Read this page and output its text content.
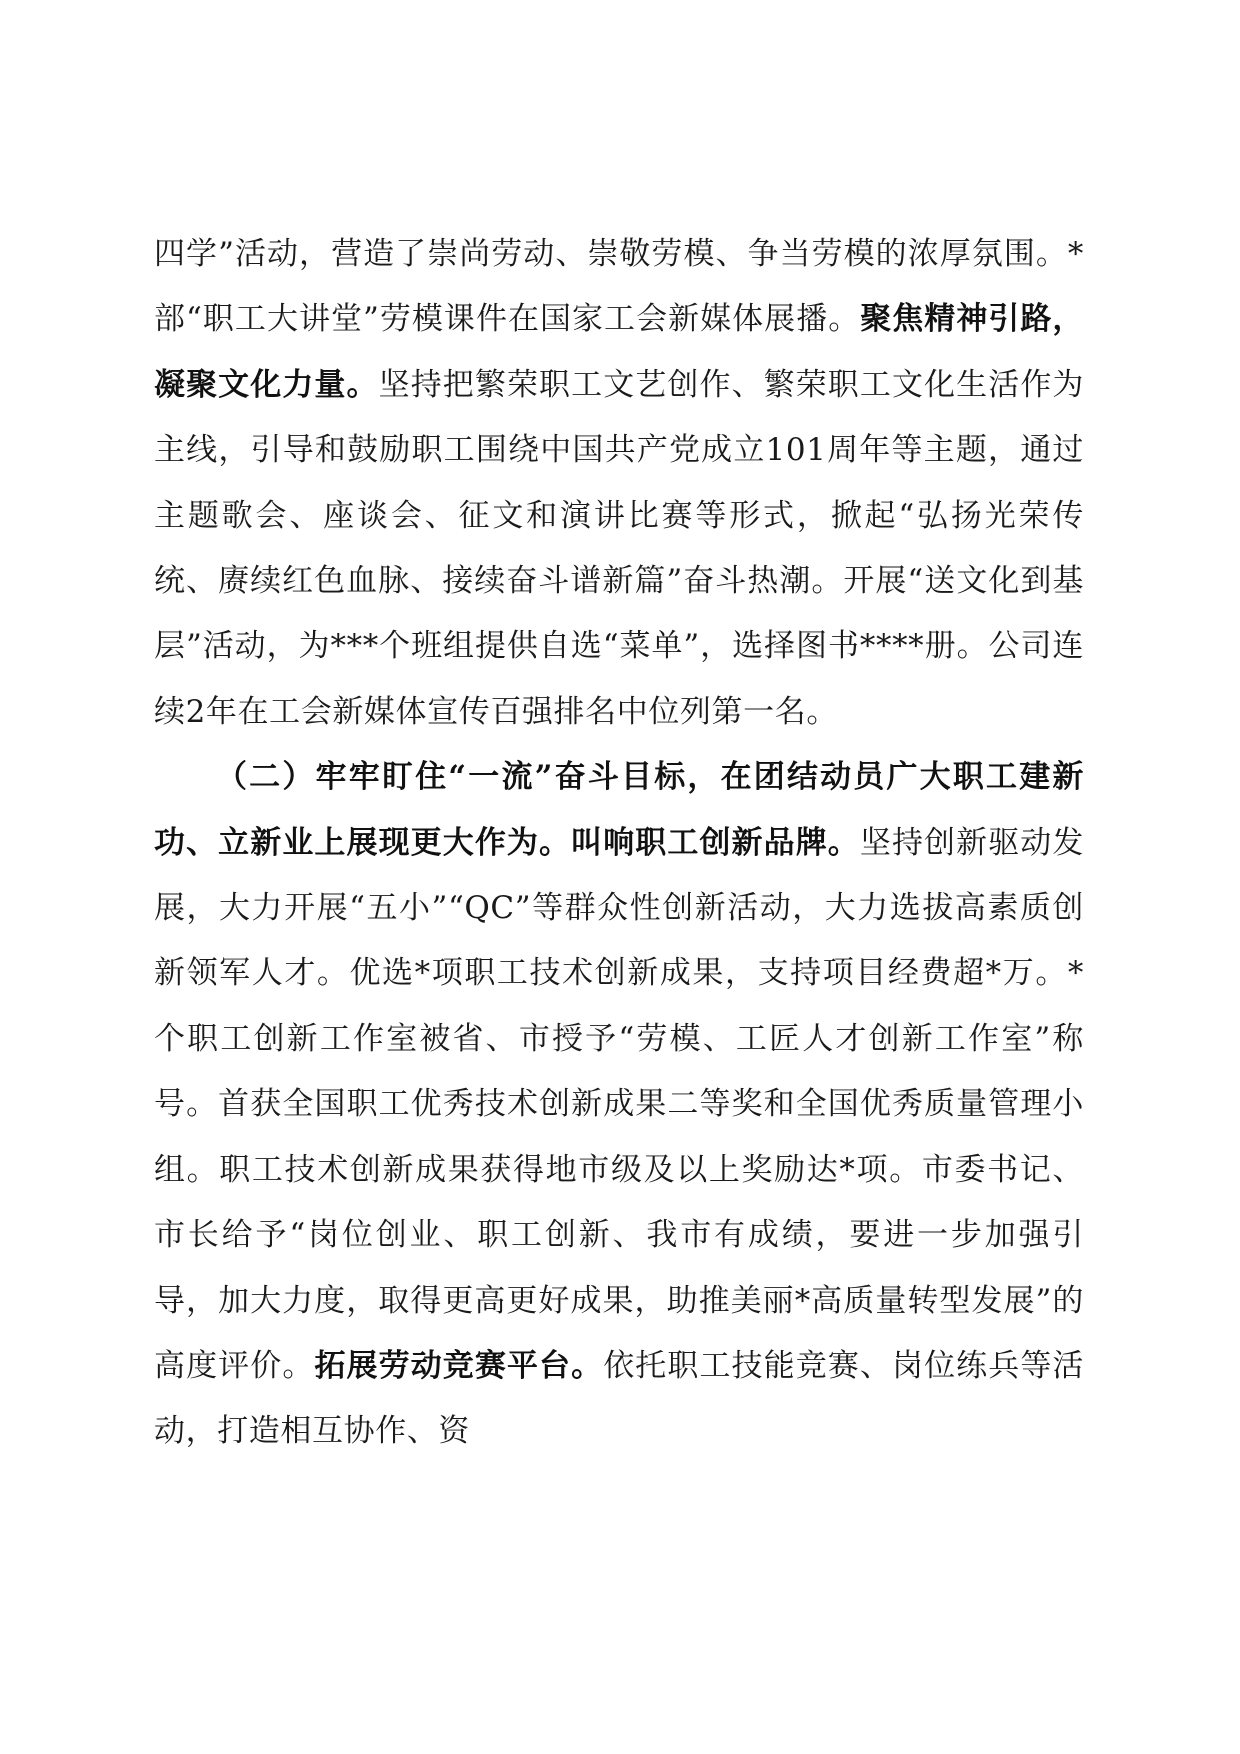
四学”活动，营造了崇尚劳动、崇敬劳模、争当劳模的浓厚氛围。*部“职工大讲堂”劳模课件在国家工会新媒体展播。聚焦精神引路，凝聚文化力量。坚持把繁荣职工文艺创作、繁荣职工文化生活作为主线，引导和鼓励职工围绕中国共产党成立101周年等主题，通过主题歌会、座谈会、征文和演讲比赛等形式，掀起“弘扬光荣传统、赓续红色血脉、接续奋斗谱新篇”奋斗热潮。开展“送文化到基层”活动，为***个班组提供自选“菜单”，选择图书****册。公司连续2年在工会新媒体宣传百强排名中位列第一名。

（二）牢牢盯住“一流”奋斗目标，在团结动员广大职工建新功、立新业上展现更大作为。叫响职工创新品牌。坚持创新驱动发展，大力开展“五小”“QC”等群众性创新活动，大力选拔高素质创新领军人才。优选*项职工技术创新成果，支持项目经费超*万。*个职工创新工作室被省、市授予“劳模、工匠人才创新工作室”称号。首获全国职工优秀技术创新成果二等奖和全国优秀质量管理小组。职工技术创新成果获得地市级及以上奖励达*项。市委书记、市长给予“岗位创业、职工创新、我市有成绩，要进一步加强引导，加大力度，取得更高更好成果，助推美丽*高质量转型发展”的高度评价。拓展劳动竞赛平台。依托职工技能竞赛、岗位练兵等活动，打造相互协作、资
